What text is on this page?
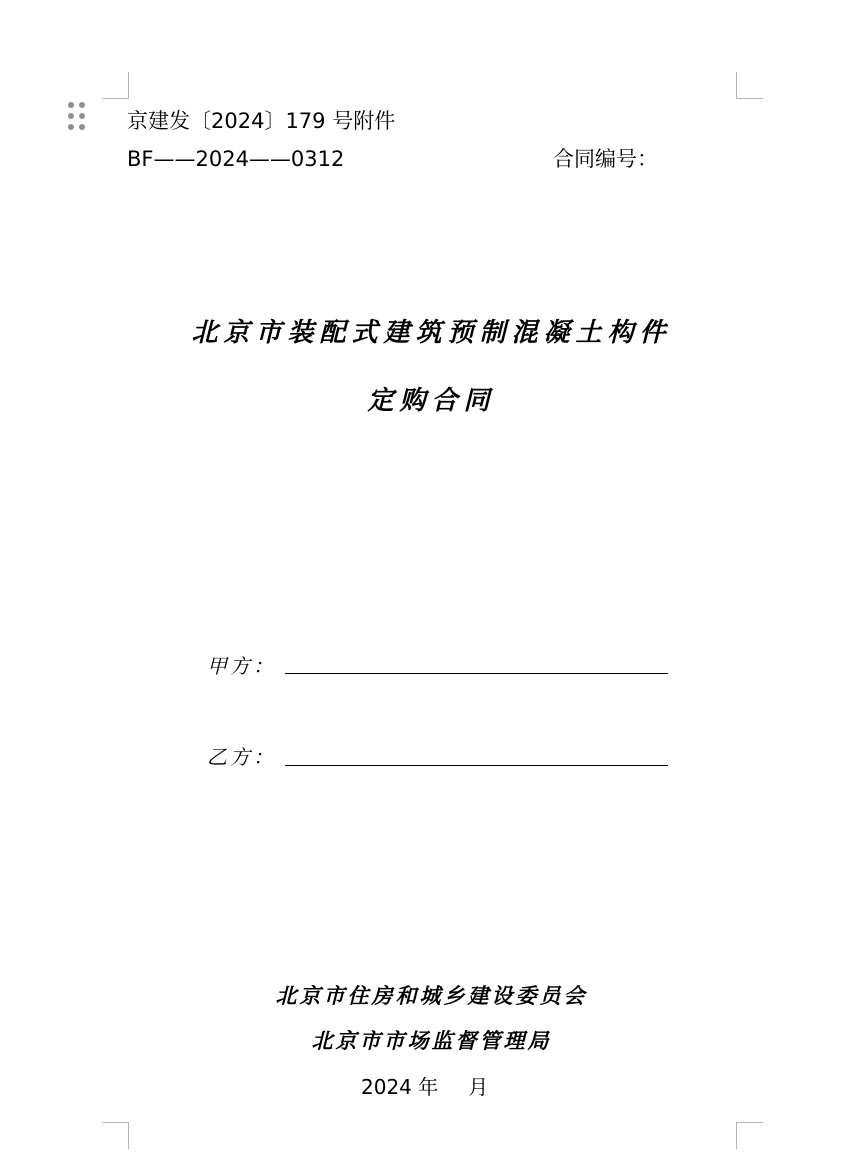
京建发〔2024〕179 号附件
BF——2024——0312	合同编号：
北京市装配式建筑预制混凝土构件
定购合同
甲方：
乙方：
北京市住房和城乡建设委员会
北京市市场监督管理局
2024 年 月
